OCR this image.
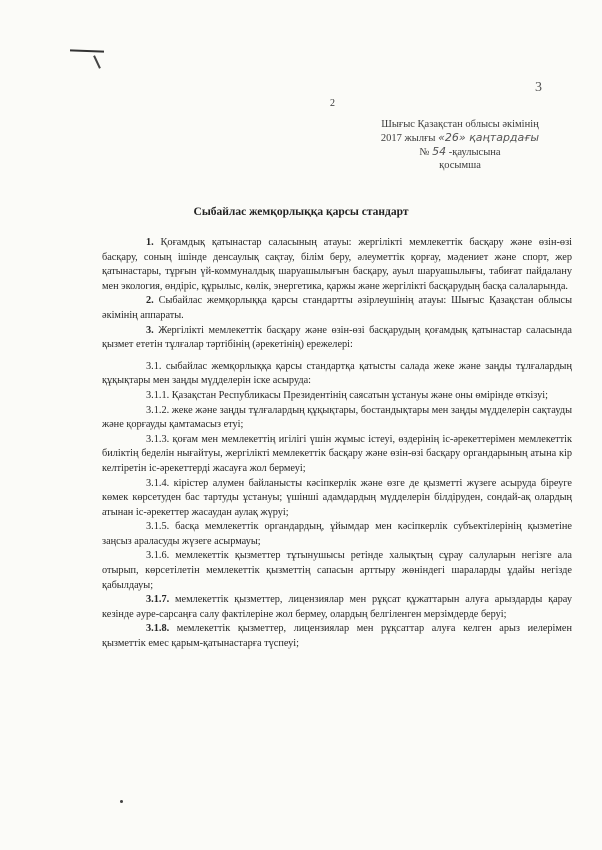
3
2
Шығыс Қазақстан облысы әкімінің
2017 жылғы «26» қаңтардағы
№ 54 -қаулысына
қосымша
Сыбайлас жемқорлыққа қарсы стандарт

1. Қоғамдық қатынастар саласының атауы: жергілікті мемлекеттік басқару және өзін-өзі басқару, соның ішінде денсаулық сақтау, білім беру, әлеуметтік қорғау, мәдениет және спорт, жер қатынастары, тұрғын үй-коммуналдық шаруашылығын басқару, ауыл шаруашылығы, табиғат пайдалану мен экология, өндіріс, құрылыс, көлік, энергетика, қаржы және жергілікті басқарудың басқа салаларында.

2. Сыбайлас жемқорлыққа қарсы стандартты әзірлеушінің атауы: Шығыс Қазақстан облысы әкімінің аппараты.

3. Жергілікті мемлекеттік басқару және өзін-өзі басқарудың қоғамдық қатынастар саласында қызмет ететін тұлғалар тәртібінің (әрекетінің) ережелері:

3.1. сыбайлас жемқорлыққа қарсы стандартқа қатысты салада жеке және заңды тұлғалардың құқықтары мен заңды мүдделерін іске асыруда:

3.1.1. Қазақстан Республикасы Президентінің саясатын ұстануы және оны өмірінде өткізуі;

3.1.2. жеке және заңды тұлғалардың құқықтары, бостандықтары мен заңды мүдделерін сақтауды және қорғауды қамтамасыз етуі;

3.1.3. қоғам мен мемлекеттің игілігі үшін жұмыс істеуі, өздерінің іс-әрекеттерімен мемлекеттік биліктің беделін нығайтуы, жергілікті мемлекеттік басқару және өзін-өзі басқару органдарының атына кір келтіретін іс-әрекеттерді жасауға жол бермеуі;

3.1.4. кірістер алумен байланысты кәсіпкерлік және өзге де қызметті жүзеге асыруда біреуге көмек көрсетуден бас тартуды ұстануы; үшінші адамдардың мүдделерін білдіруден, сондай-ақ олардың атынан іс-әрекеттер жасаудан аулақ жүруі;

3.1.5. басқа мемлекеттік органдардың, ұйымдар мен кәсіпкерлік субъектілерінің қызметіне заңсыз араласуды жүзеге асырмауы;

3.1.6. мемлекеттік қызметтер тұтынушысы ретінде халықтың сұрау салуларын негізге ала отырып, көрсетілетін мемлекеттік қызметтің сапасын арттыру жөніндегі шараларды ұдайы негізде қабылдауы;

3.1.7. мемлекеттік қызметтер, лицензиялар мен рұқсат құжаттарын алуға арыздарды қарау кезінде әуре-сарсаңға салу фактілеріне жол бермеу, олардың белгіленген мерзімдерде беруі;

3.1.8. мемлекеттік қызметтер, лицензиялар мен рұқсаттар алуға келген арыз иелерімен қызметтік емес қарым-қатынастарға түспеуі;
